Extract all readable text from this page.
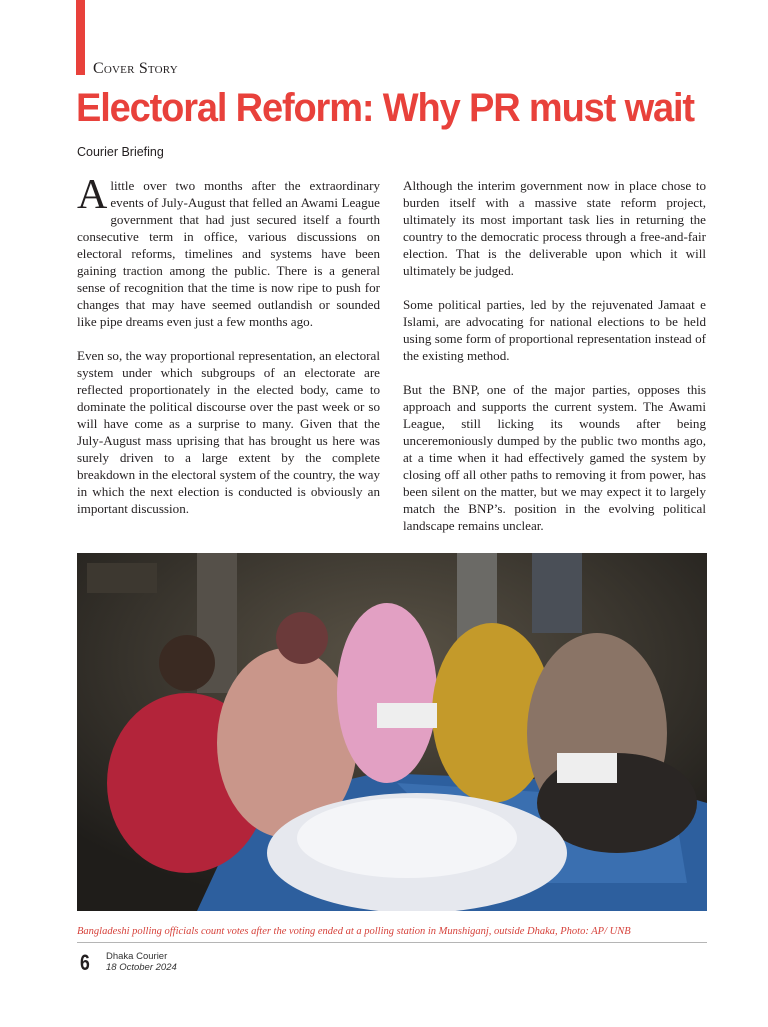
Cover Story
Electoral Reform: Why PR must wait
Courier Briefing

A little over two months after the extraordinary events of July-August that felled an Awami League government that had just secured itself a fourth consecutive term in office, various discussions on electoral reforms, timelines and systems have been gaining traction among the public. There is a general sense of recognition that the time is now ripe to push for changes that may have seemed outlandish or sounded like pipe dreams even just a few months ago.

Even so, the way proportional representation, an electoral system under which subgroups of an electorate are reflected proportionately in the elected body, came to dominate the political discourse over the past week or so will have come as a surprise to many. Given that the July-August mass uprising that has brought us here was surely driven to a large extent by the complete breakdown in the electoral system of the country, the way in which the next election is conducted is obviously an important discussion.

Although the interim government now in place chose to burden itself with a massive state reform project, ultimately its most important task lies in returning the country to the democratic process through a free-and-fair election. That is the deliverable upon which it will ultimately be judged.

Some political parties, led by the rejuvenated Jamaat e Islami, are advocating for national elections to be held using some form of proportional representation instead of the existing method.

But the BNP, one of the major parties, opposes this approach and supports the current system. The Awami League, still licking its wounds after being unceremoniously dumped by the public two months ago, at a time when it had effectively gamed the system by closing off all other paths to removing it from power, has been silent on the matter, but we may expect it to largely match the BNP’s. position in the evolving political landscape remains unclear.

Bangladeshi polling officials count votes after the voting ended at a polling station in Munshiganj, outside Dhaka, Photo: AP/ UNB
6 Dhaka Courier
18 October 2024
